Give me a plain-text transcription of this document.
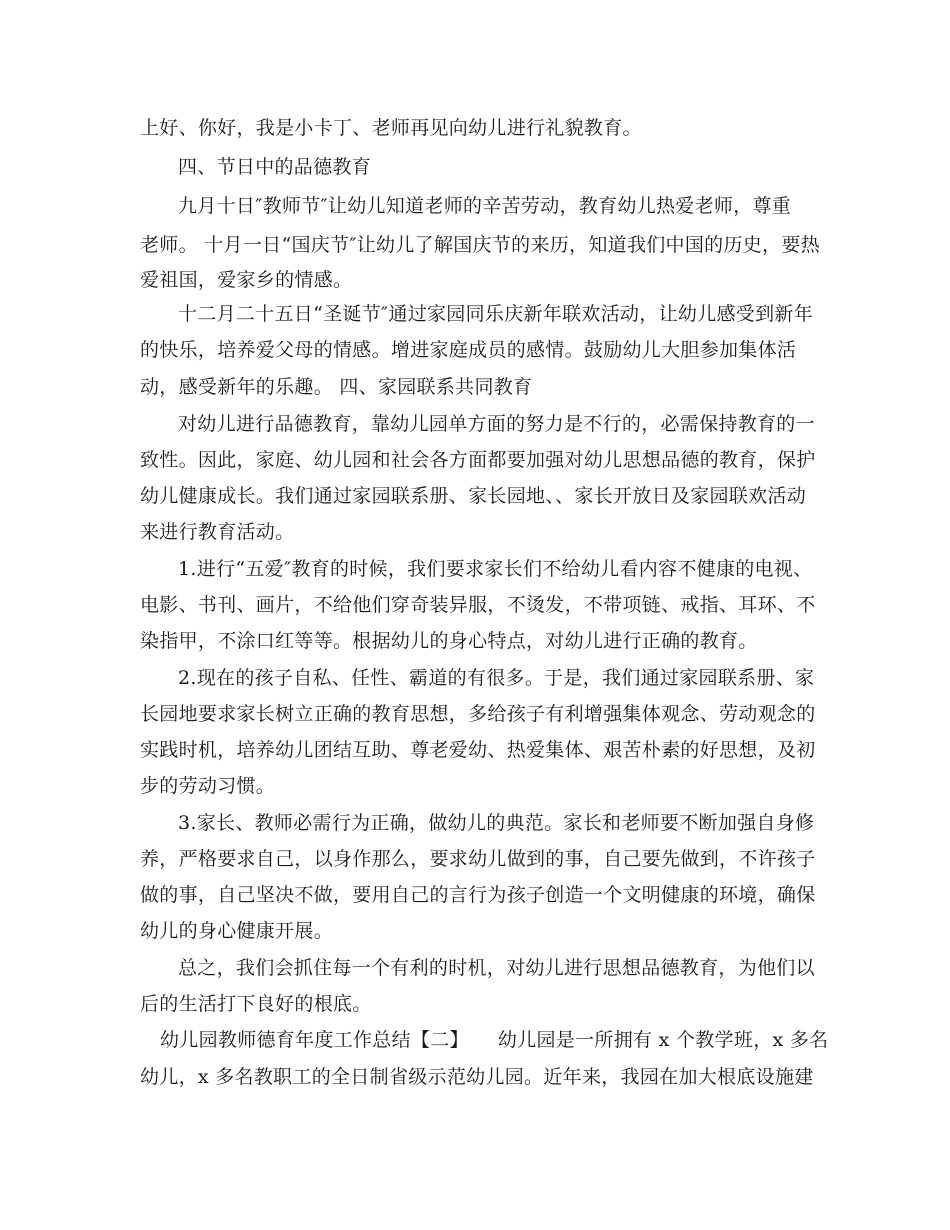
上好、你好，我是小卡丁、老师再见向幼儿进行礼貌教育。
四、节日中的品德教育
九月十日″教师节″让幼儿知道老师的辛苦劳动，教育幼儿热爱老师，尊重
老师。 十月一日“国庆节″让幼儿了解国庆节的来历，知道我们中国的历史，要热
爱祖国，爱家乡的情感。
十二月二十五日“圣诞节″通过家园同乐庆新年联欢活动，让幼儿感受到新年
的快乐，培养爱父母的情感。增进家庭成员的感情。鼓励幼儿大胆参加集体活
动，感受新年的乐趣。 四、家园联系共同教育
对幼儿进行品德教育，靠幼儿园单方面的努力是不行的，必需保持教育的一
致性。因此，家庭、幼儿园和社会各方面都要加强对幼儿思想品德的教育，保护
幼儿健康成长。我们通过家园联系册、家长园地、、家长开放日及家园联欢活动
来进行教育活动。
1.进行“五爱″教育的时候，我们要求家长们不给幼儿看内容不健康的电视、
电影、书刊、画片，不给他们穿奇装异服，不烫发，不带项链、戒指、耳环、不
染指甲，不涂口红等等。根据幼儿的身心特点，对幼儿进行正确的教育。
2.现在的孩子自私、任性、霸道的有很多。于是，我们通过家园联系册、家
长园地要求家长树立正确的教育思想，多给孩子有利增强集体观念、劳动观念的
实践时机，培养幼儿团结互助、尊老爱幼、热爱集体、艰苦朴素的好思想，及初
步的劳动习惯。
3.家长、教师必需行为正确，做幼儿的典范。家长和老师要不断加强自身修
养，严格要求自己，以身作那么，要求幼儿做到的事，自己要先做到，不许孩子
做的事，自己坚决不做，要用自己的言行为孩子创造一个文明健康的环境，确保
幼儿的身心健康开展。
总之，我们会抓住每一个有利的时机，对幼儿进行思想品德教育，为他们以
后的生活打下良好的根底。
幼儿园教师德育年度工作总结【二】　　幼儿园是一所拥有 x 个教学班，x 多名
幼儿，x 多名教职工的全日制省级示范幼儿园。近年来，我园在加大根底设施建
